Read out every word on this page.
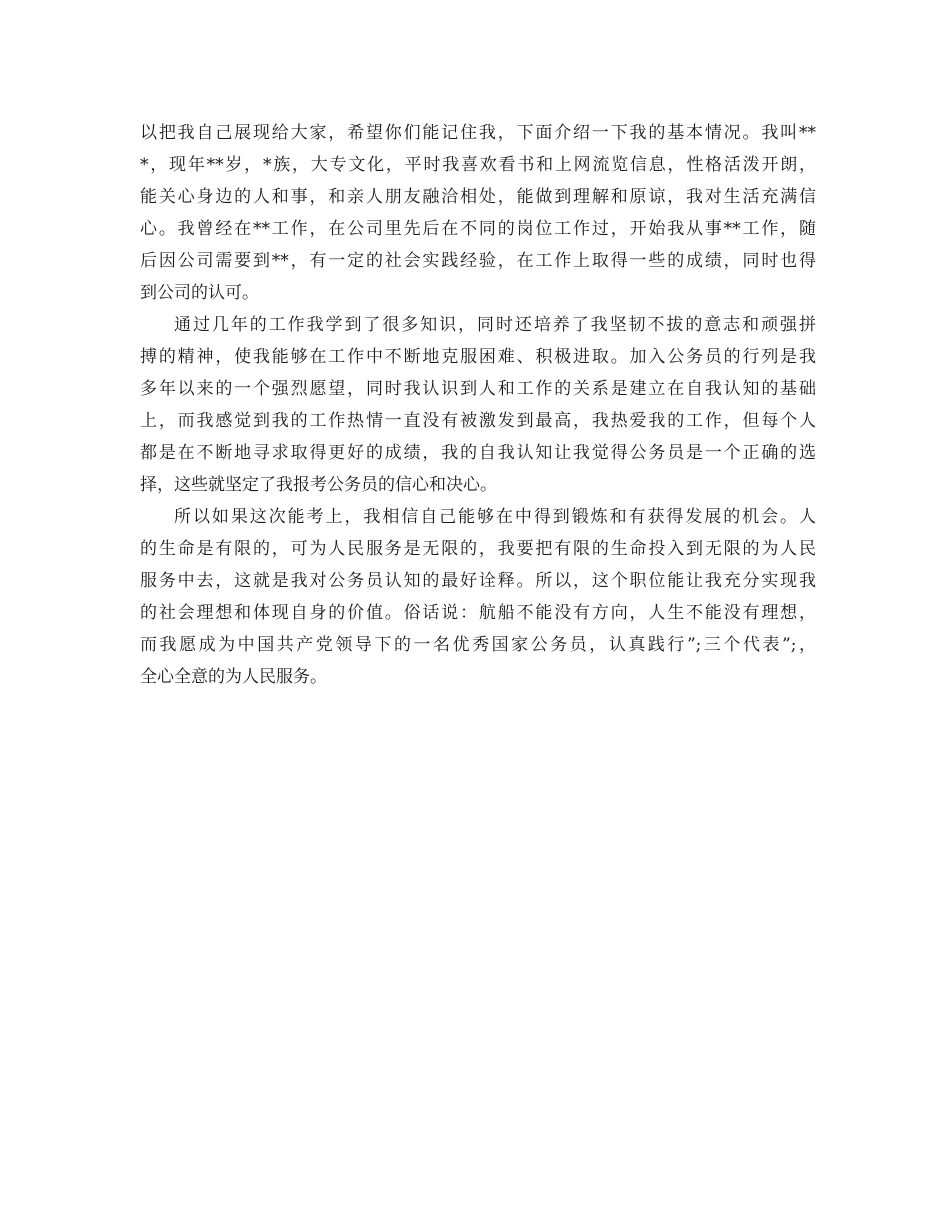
以把我自己展现给大家，希望你们能记住我，下面介绍一下我的基本情况。我叫**
*，现年**岁，*族，大专文化，平时我喜欢看书和上网流览信息，性格活泼开朗，
能关心身边的人和事，和亲人朋友融洽相处，能做到理解和原谅，我对生活充满信
心。我曾经在**工作，在公司里先后在不同的岗位工作过，开始我从事**工作，随
后因公司需要到**，有一定的社会实践经验，在工作上取得一些的成绩，同时也得
到公司的认可。
通过几年的工作我学到了很多知识，同时还培养了我坚韧不拔的意志和顽强拼
搏的精神，使我能够在工作中不断地克服困难、积极进取。加入公务员的行列是我
多年以来的一个强烈愿望，同时我认识到人和工作的关系是建立在自我认知的基础
上，而我感觉到我的工作热情一直没有被激发到最高，我热爱我的工作，但每个人
都是在不断地寻求取得更好的成绩，我的自我认知让我觉得公务员是一个正确的选
择，这些就坚定了我报考公务员的信心和决心。
所以如果这次能考上，我相信自己能够在中得到锻炼和有获得发展的机会。人
的生命是有限的，可为人民服务是无限的，我要把有限的生命投入到无限的为人民
服务中去，这就是我对公务员认知的最好诠释。所以，这个职位能让我充分实现我
的社会理想和体现自身的价值。俗话说：航船不能没有方向，人生不能没有理想，
而我愿成为中国共产党领导下的一名优秀国家公务员，认真践行”;三个代表”;，
全心全意的为人民服务。
